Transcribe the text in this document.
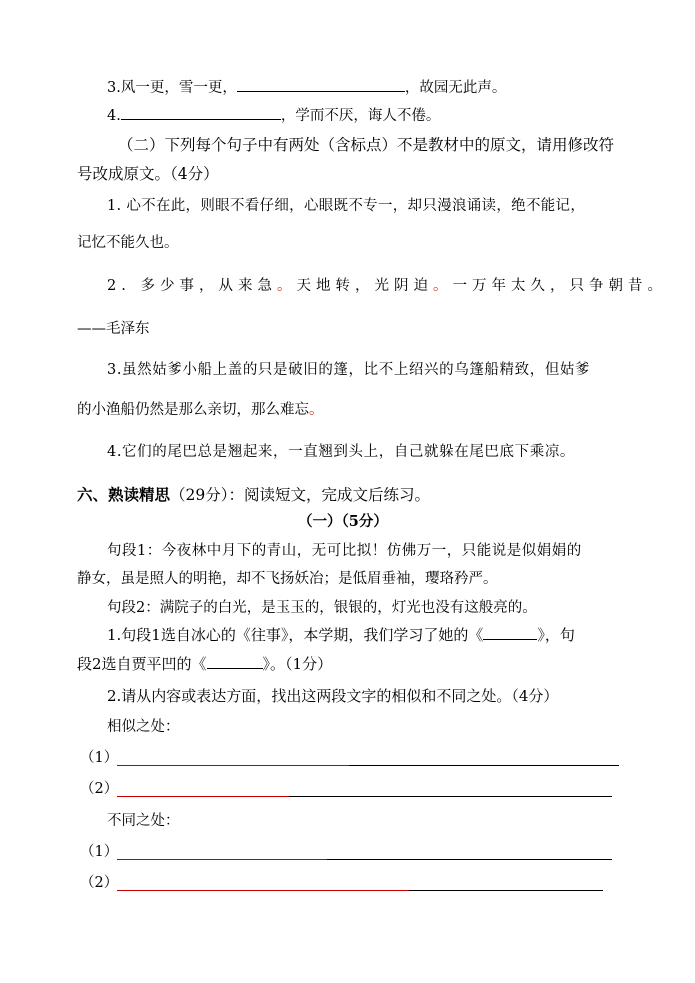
3.风一更，雪一更，	，故园无此声。
4.	，学而不厌，诲人不倦。
（二）下列每个句子中有两处（含标点）不是教材中的原文，请用修改符
号改成原文。（4分）
1. 心不在此，则眼不看仔细，心眼既不专一，却只漫浪诵读，绝不能记，
记忆不能久也。
2. 多少事，从来急。天地转，光阴迫。一万年太久，只争朝昔。
——毛泽东
3.虽然姑爹小船上盖的只是破旧的篷，比不上绍兴的乌篷船精致，但姑爹
的小渔船仍然是那么亲切，那么难忘。
4.它们的尾巴总是翘起来，一直翘到头上，自己就躲在尾巴底下乘凉。
六、熟读精思（29分）：阅读短文，完成文后练习。
（一）（5分）
句段1：今夜林中月下的青山，无可比拟！仿佛万一，只能说是似娟娟的
静女，虽是照人的明艳，却不飞扬妖冶；是低眉垂袖，璎珞矜严。
句段2：满院子的白光，是玉玉的，银银的，灯光也没有这般亮的。
1.句段1选自冰心的《往事》，本学期，我们学习了她的《	》，句
段2选自贾平凹的《	》。（1分）
2.请从内容或表达方面，找出这两段文字的相似和不同之处。（4分）
相似之处：
（1）
（2）
不同之处：
（1）
（2）
